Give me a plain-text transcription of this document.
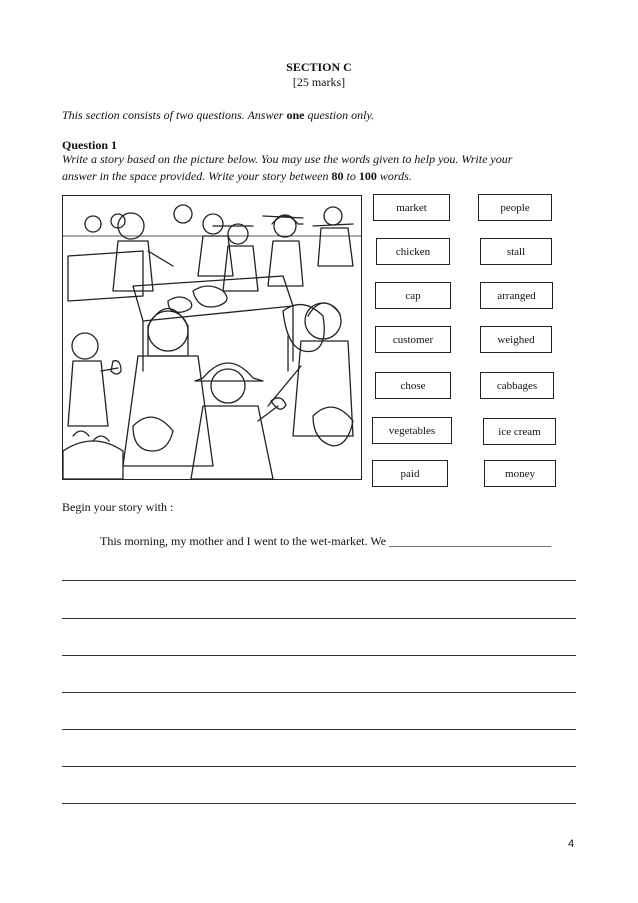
SECTION C
[25 marks]
This section consists of two questions. Answer one question only.
Question 1
Write a story based on the picture below. You may use the words given to help you. Write your
answer in the space provided. Write your story between 80 to 100 words.
market	people
chicken	stall
cap	arranged
customer	weighed
chose	cabbages
vegetables	ice cream
paid	money
Begin your story with :
This morning, my mother and I went to the wet-market. We ___________________________
4
